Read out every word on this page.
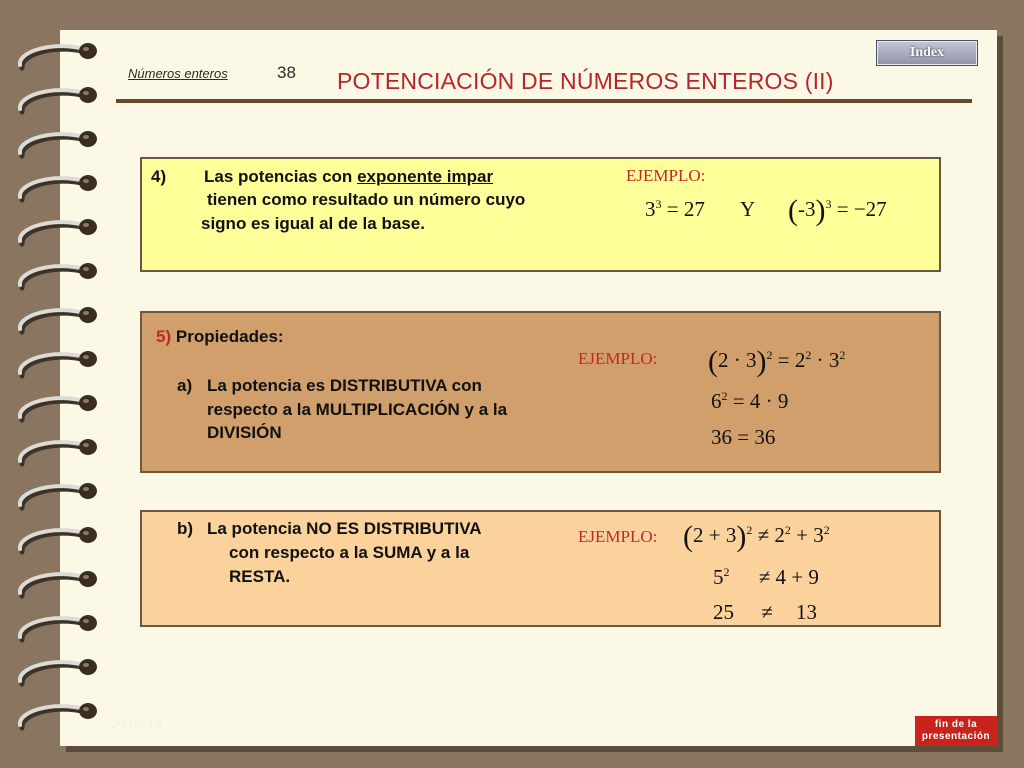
Números enteros	38 POTENCIACIÓN DE NÚMEROS ENTEROS (II)
Index
4) Las potencias con exponente impar
tienen como resultado un número cuyo
signo es igual al de la base.
EJEMPLO:
$3^3 = 27$ Y $(-3)^3 = -27$
5) Propiedades:
a) La potencia es DISTRIBUTIVA con
respecto a la MULTIPLICACIÓN y a la
DIVISIÓN
EJEMPLO: $(2 \cdot 3)^2 = 2^2 \cdot 3^2$
$6^2 = 4 \cdot 9$
36 = 36
b) La potencia NO ES DISTRIBUTIVA
con respecto a la SUMA y a la
RESTA.
EJEMPLO: $(2 + 3)^2 \ne 2^2 + 3^2$
$5^2 \ne 4 + 9$
25 ≠ 13
20.09.18	fin de la
presentación
